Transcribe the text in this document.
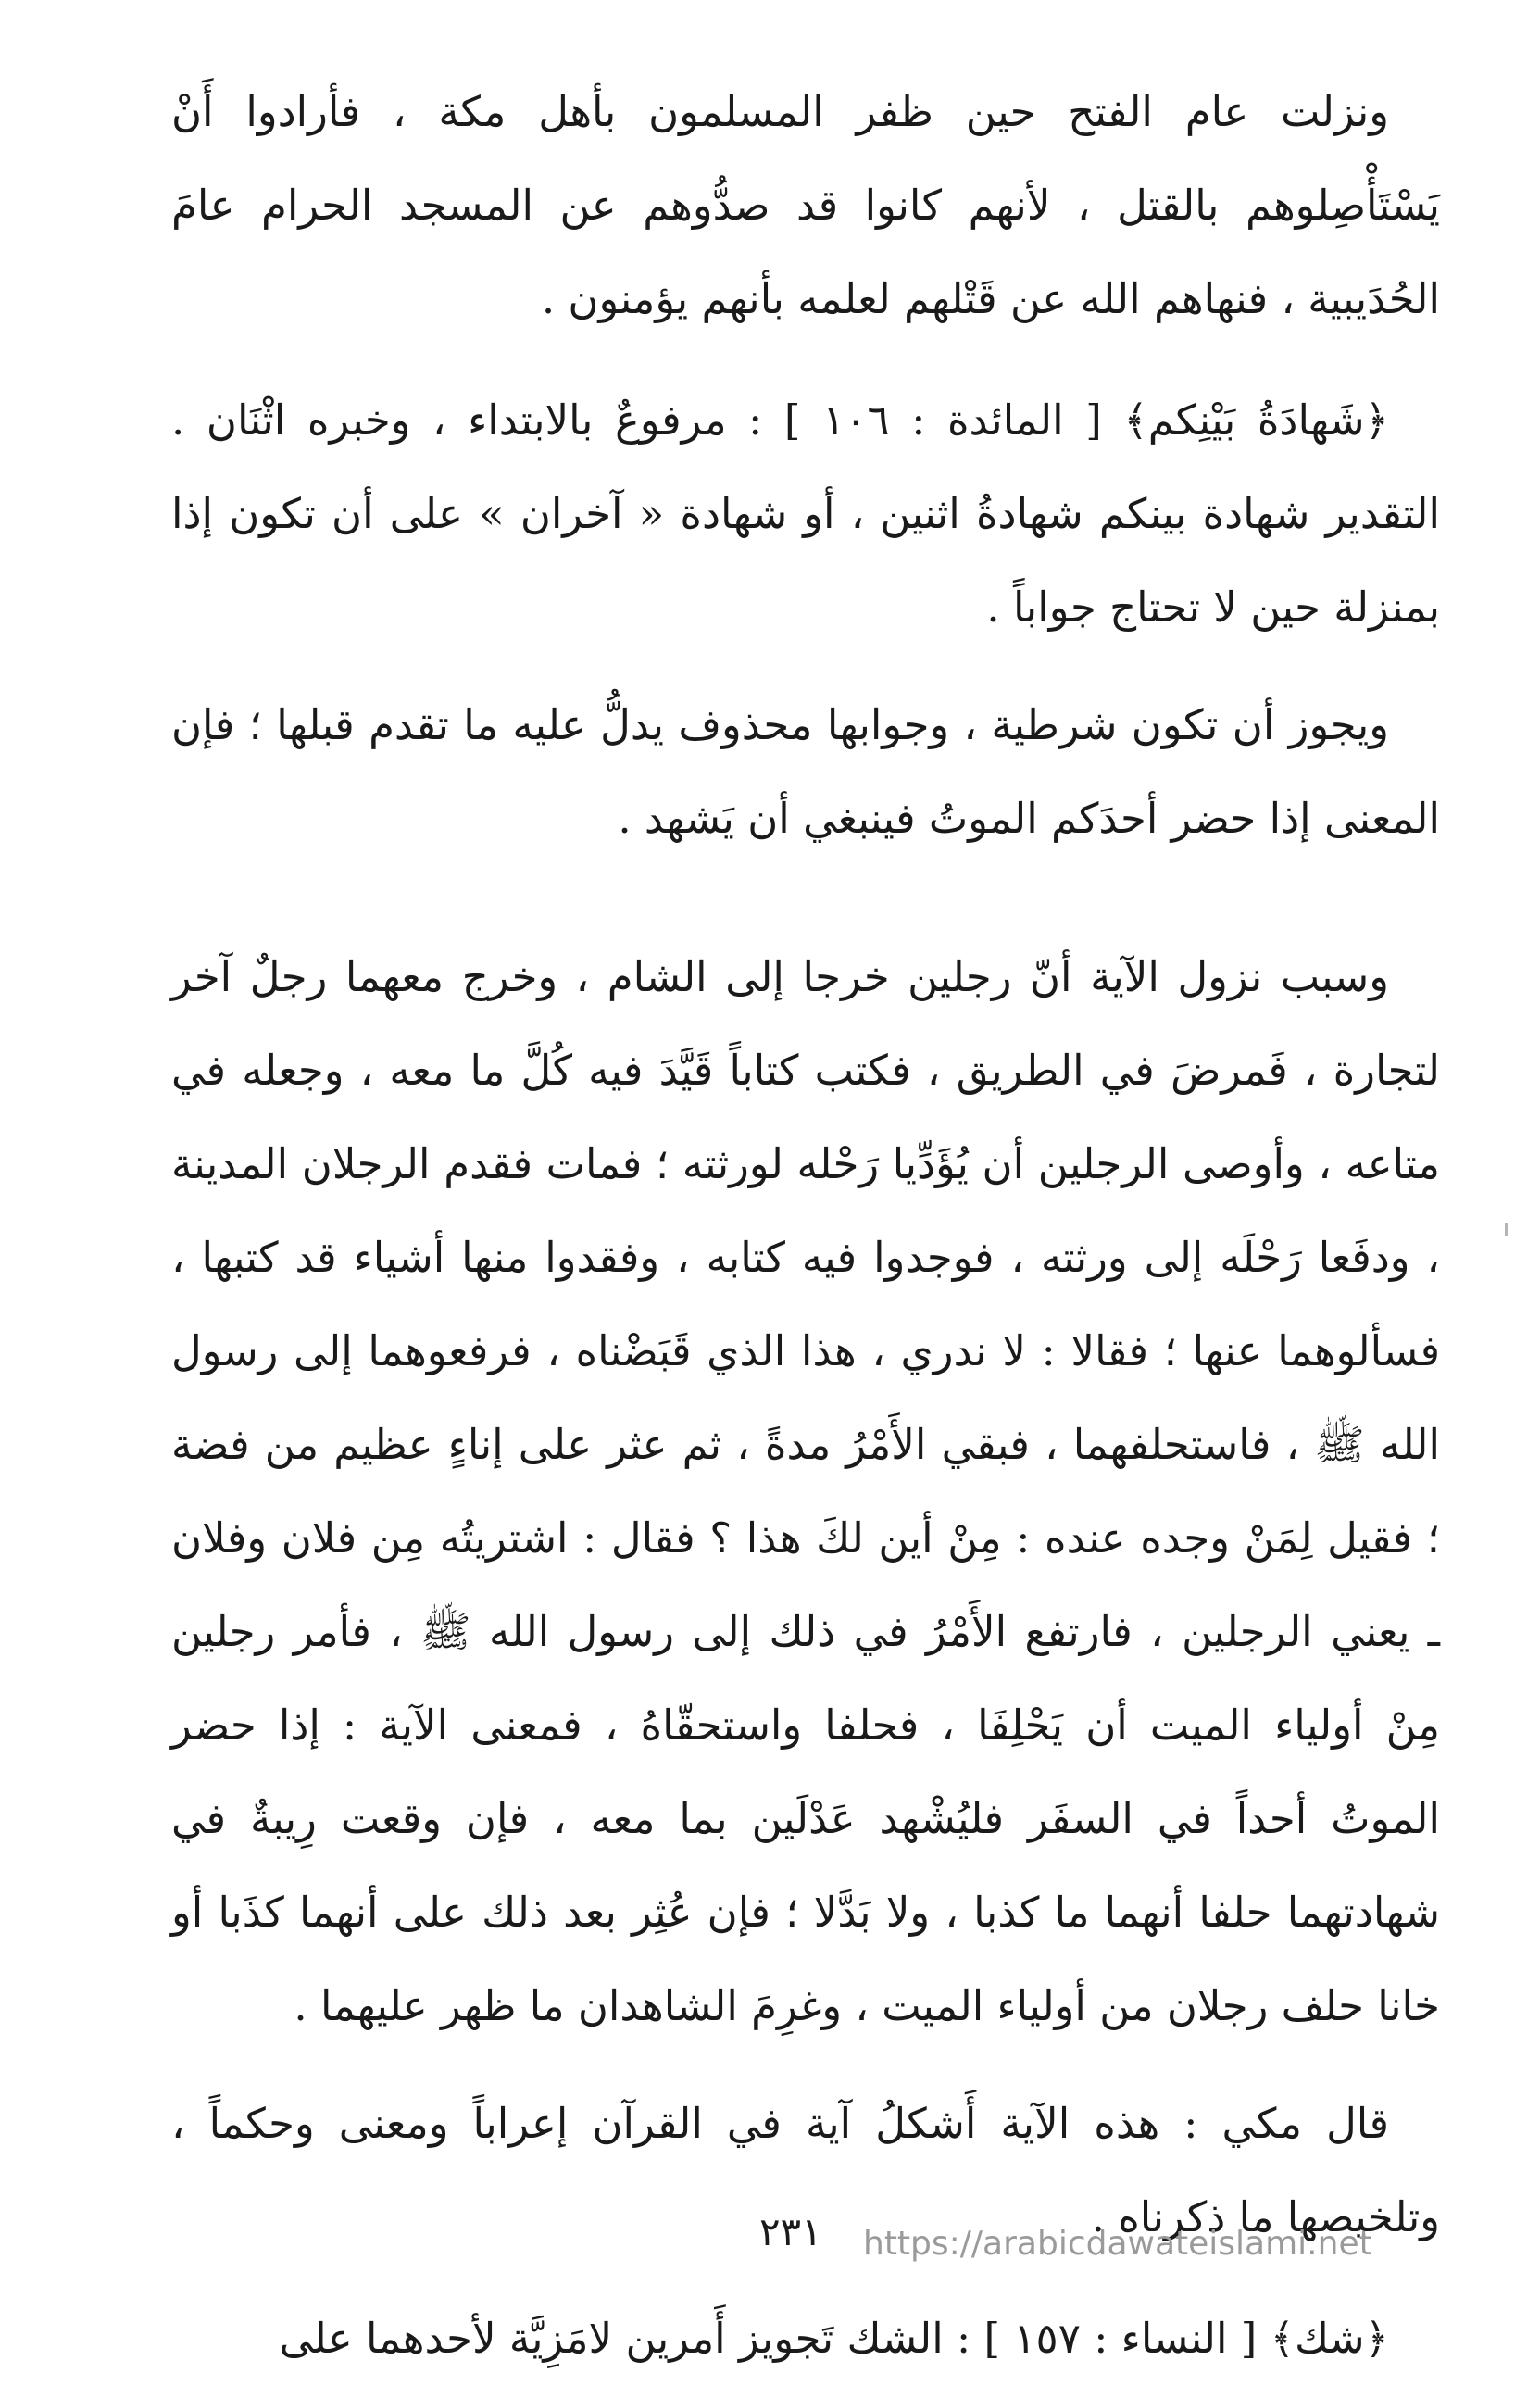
ونزلت عام الفتح حين ظفر المسلمون بأهل مكة ، فأرادوا أَنْ يَسْتَأْصِلوهم بالقتل ، لأنهم كانوا قد صدُّوهم عن المسجد الحرام عامَ الحُدَيبية ، فنهاهم الله عن قَتْلهم لعلمه بأنهم يؤمنون .

﴿شَهادَةُ بَيْنِكم﴾ [ المائدة : ١٠٦ ] : مرفوعٌ بالابتداء ، وخبره اثْنَان . التقدير شهادة بينكم شهادةُ اثنين ، أو شهادة « آخران » على أن تكون إذا بمنزلة حين لا تحتاج جواباً .

ويجوز أن تكون شرطية ، وجوابها محذوف يدلُّ عليه ما تقدم قبلها ؛ فإن المعنى إذا حضر أحدَكم الموتُ فينبغي أن يَشهد .

وسبب نزول الآية أنّ رجلين خرجا إلى الشام ، وخرج معهما رجلٌ آخر لتجارة ، فَمرضَ في الطريق ، فكتب كتاباً قَيَّدَ فيه كُلَّ ما معه ، وجعله في متاعه ، وأوصى الرجلين أن يُؤَدِّيا رَحْله لورثته ؛ فمات فقدم الرجلان المدينة ، ودفَعا رَحْلَه إلى ورثته ، فوجدوا فيه كتابه ، وفقدوا منها أشياء قد كتبها ، فسألوهما عنها ؛ فقالا : لا ندري ، هذا الذي قَبَضْناه ، فرفعوهما إلى رسول الله ﷺ ، فاستحلفهما ، فبقي الأَمْرُ مدةً ، ثم عثر على إناءٍ عظيم من فضة ؛ فقيل لِمَنْ وجده عنده : مِنْ أين لكَ هذا ؟ فقال : اشتريتُه مِن فلان وفلان ـ يعني الرجلين ، فارتفع الأَمْرُ في ذلك إلى رسول الله ﷺ ، فأمر رجلين مِنْ أولياء الميت أن يَحْلِفَا ، فحلفا واستحقّاهُ ، فمعنى الآية : إذا حضر الموتُ أحداً في السفَر فليُشْهد عَدْلَين بما معه ، فإن وقعت رِيبةٌ في شهادتهما حلفا أنهما ما كذبا ، ولا بَدَّلا ؛ فإن عُثِر بعد ذلك على أنهما كذَبا أو خانا حلف رجلان من أولياء الميت ، وغرِمَ الشاهدان ما ظهر عليهما .

قال مكي : هذه الآية أَشكلُ آية في القرآن إعراباً ومعنى وحكماً ، وتلخيصها ما ذكرناه .

﴿شك﴾ [ النساء : ١٥٧ ] : الشك تَجويز أَمرين لامَزِيَّة لأحدهما على

٢٣١ https://arabicdawateislami.net
